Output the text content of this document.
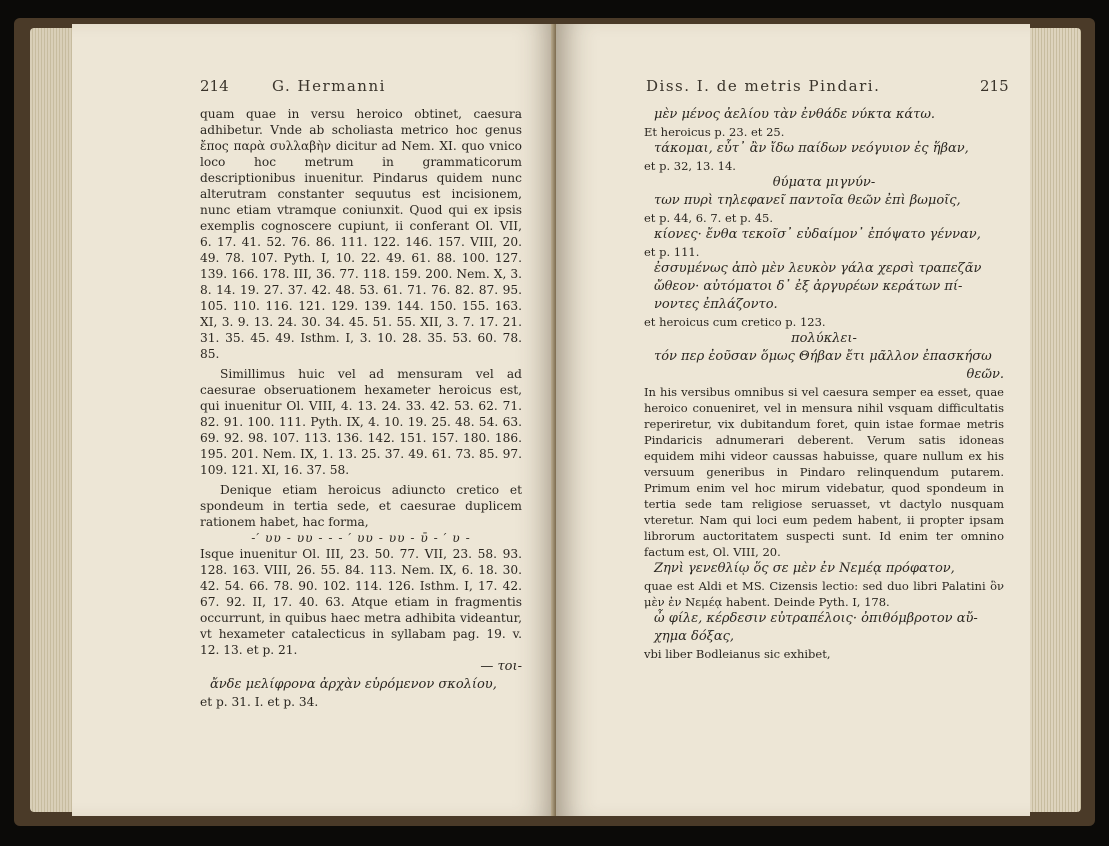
214	G. Hermanni

quam quae in versu heroico obtinet, caesura adhibetur. Vnde ab scholiasta metrico hoc genus ἔπος παρὰ συλλαβὴν dicitur ad Nem. XI. quo vnico loco hoc metrum in grammaticorum descriptionibus inuenitur. Pindarus quidem nunc alterutram constanter sequutus est incisionem, nunc etiam vtramque coniunxit. Quod qui ex ipsis exemplis cognoscere cupiunt, ii conferant Ol. VII, 6. 17. 41. 52. 76. 86. 111. 122. 146. 157. VIII, 20. 49. 78. 107. Pyth. I, 10. 22. 49. 61. 88. 100. 127. 139. 166. 178. III, 36. 77. 118. 159. 200. Nem. X, 3. 8. 14. 19. 27. 37. 42. 48. 53. 61. 71. 76. 82. 87. 95. 105. 110. 116. 121. 129. 139. 144. 150. 155. 163. XI, 3. 9. 13. 24. 30. 34. 45. 51. 55. XII, 3. 7. 17. 21. 31. 35. 45. 49. Isthm. I, 3. 10. 28. 35. 53. 60. 78. 85.

Simillimus huic vel ad mensuram vel ad caesurae obseruationem hexameter heroicus est, qui inuenitur Ol. VIII, 4. 13. 24. 33. 42. 53. 62. 71. 82. 91. 100. 111. Pyth. IX, 4. 10. 19. 25. 48. 54. 63. 69. 92. 98. 107. 113. 136. 142. 151. 157. 180. 186. 195. 201. Nem. IX, 1. 13. 25. 37. 49. 61. 73. 85. 97. 109. 121. XI, 16. 37. 58.

Denique etiam heroicus adiuncto cretico et spondeum in tertia sede, et caesurae duplicem rationem habet, hac forma,

-′ υυ - υυ - - - ′ υυ - υυ - ῡ - ′ υ -

Isque inuenitur Ol. III, 23. 50. 77. VII, 23. 58. 93. 128. 163. VIII, 26. 55. 84. 113. Nem. IX, 6. 18. 30. 42. 54. 66. 78. 90. 102. 114. 126. Isthm. I, 17. 42. 67. 92. II, 17. 40. 63. Atque etiam in fragmentis occurrunt, in quibus haec metra adhibita videantur, vt hexameter catalecticus in syllabam pag. 19. v. 12. 13. et p. 21.

— τοι-

ἄνδε μελίφρονα ἀρχὰν εὑρόμενον σκολίου,

et p. 31. I. et p. 34.

Diss. I. de metris Pindari.	215

μὲν μένος ἀελίου τὰν ἐνθάδε νύκτα κάτω.

Et heroicus p. 23. et 25.

τάκομαι, εὖτ᾽ ἂν ἴδω παίδων νεόγυιον ἐς ἥβαν,

et p. 32, 13. 14.

θύματα μιγνύν-

των πυρὶ τηλεφανεῖ παντοῖα θεῶν ἐπὶ βωμοῖς,

et p. 44, 6. 7. et p. 45.

κίονες· ἔνθα τεκοῖσ᾽ εὐδαίμον᾽ ἐπόψατο γένναν,

et p. 111.

ἐσσυμένως ἀπὸ μὲν λευκὸν γάλα χερσὶ τραπεζᾶν

ὤθεον· αὐτόματοι δ᾽ ἐξ ἀργυρέων κεράτων πί-

νοντες ἐπλάζοντο.

et heroicus cum cretico p. 123.

πολύκλει-

τόν περ ἐοῦσαν ὅμως Θήβαν ἔτι μᾶλλον ἐπασκήσω

θεῶν.

In his versibus omnibus si vel caesura semper ea esset, quae heroico conueniret, vel in mensura nihil vsquam difficultatis reperiretur, vix dubitandum foret, quin istae formae metris Pindaricis adnumerari deberent. Verum satis idoneas equidem mihi videor caussas habuisse, quare nullum ex his versuum generibus in Pindaro relinquendum putarem. Primum enim vel hoc mirum videbatur, quod spondeum in tertia sede tam religiose seruasset, vt dactylo nusquam vteretur. Nam qui loci eum pedem habent, ii propter ipsam librorum auctoritatem suspecti sunt. Id enim ter omnino factum est, Ol. VIII, 20.

Ζηνὶ γενεθλίῳ ὅς σε μὲν ἐν Νεμέᾳ πρόφατον,

quae est Aldi et MS. Cizensis lectio: sed duo libri Palatini ὃν μὲν ἐν Νεμέᾳ habent. Deinde Pyth. I, 178.

ὦ φίλε, κέρδεσιν εὐτραπέλοις· ὀπιθόμβροτον αὔ-

χημα δόξας,

vbi liber Bodleianus sic exhibet,
